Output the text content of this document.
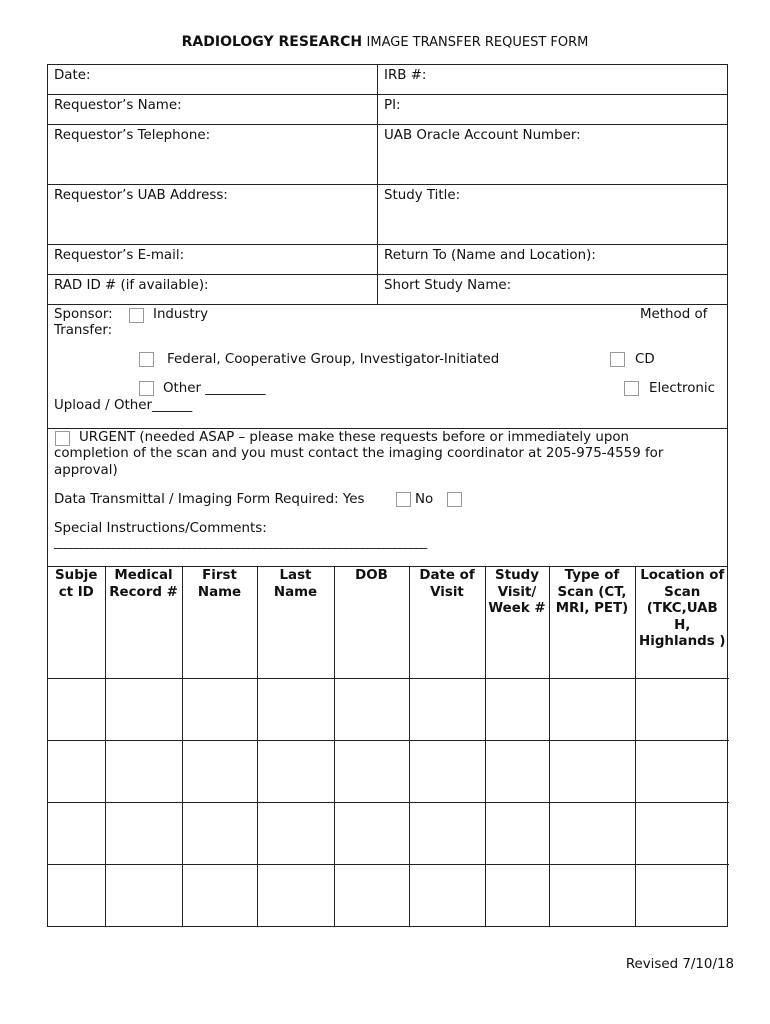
RADIOLOGY RESEARCH IMAGE TRANSFER REQUEST FORM
Date:	IRB #:
Requestor’s Name:	PI:
Requestor’s Telephone:	UAB Oracle Account Number:
Requestor’s UAB Address:	Study Title:
Requestor’s E-mail:	Return To (Name and Location):
RAD ID # (if available):	Short Study Name:
Sponsor:	Industry	Method of
Transfer:
Federal, Cooperative Group, Investigator-Initiated	CD
Other _________	Electronic
Upload / Other______
URGENT (needed ASAP – please make these requests before or immediately upon
completion of the scan and you must contact the imaging coordinator at 205-975-4559 for
approval)
Data Transmittal / Imaging Form Required: Yes	No
Special Instructions/Comments:
_____________________________________________________________________
Subje ct ID	Medical Record #	First Name	Last Name	DOB	Date of Visit	Study Visit/ Week #	Type of Scan (CT, MRI, PET)	Location of Scan (TKC,UAB H, Highlands )

Revised 7/10/18
